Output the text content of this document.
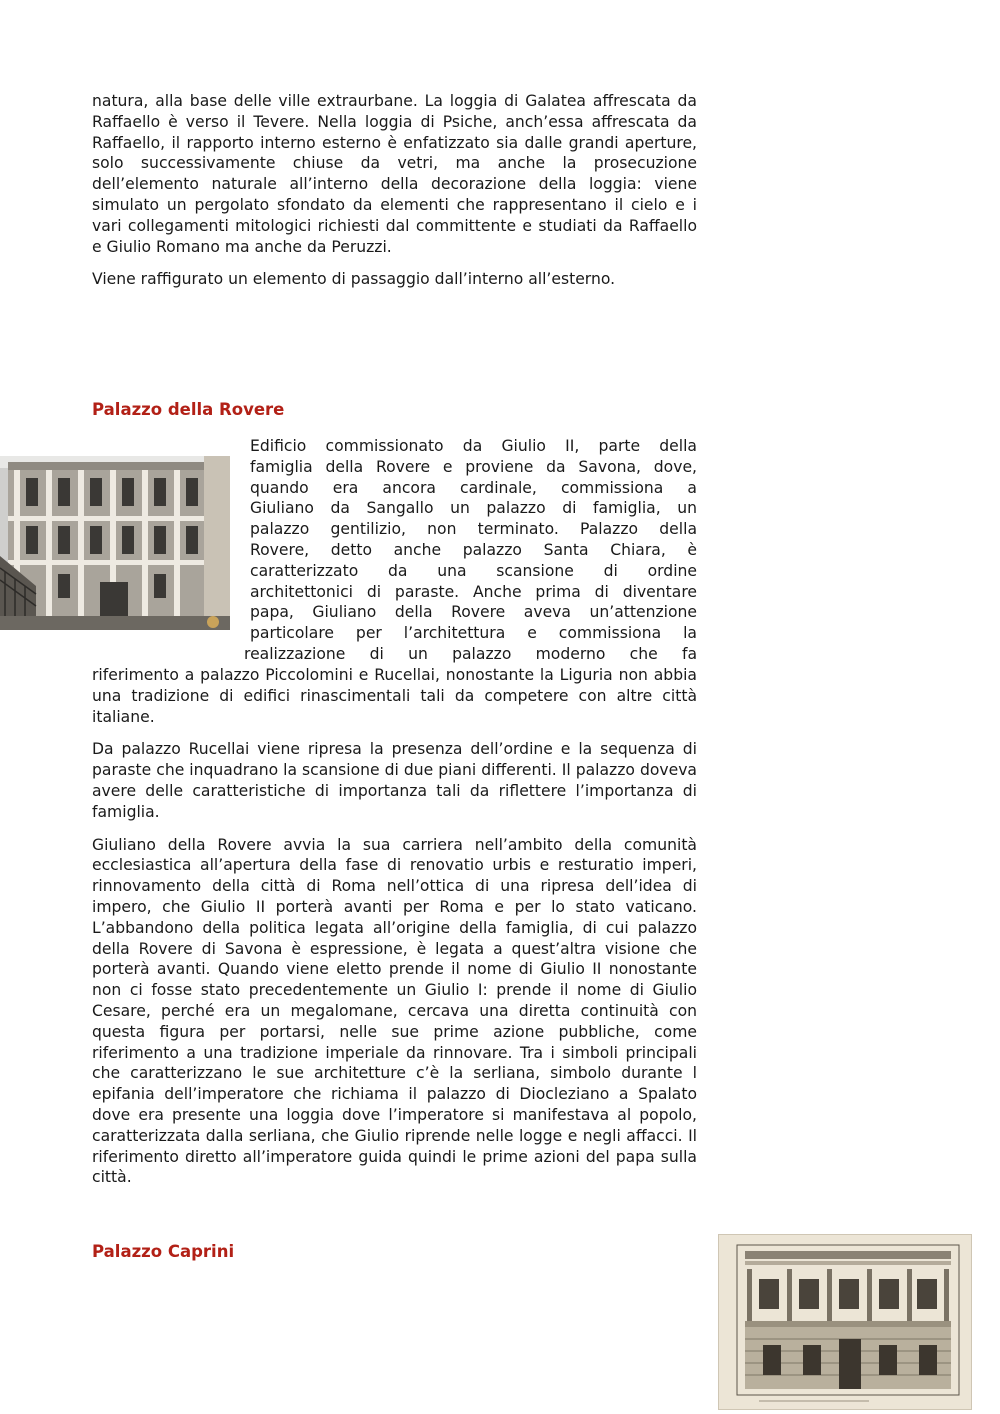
natura, alla base delle ville extraurbane. La loggia di Galatea affrescata da Raffaello è verso il Tevere. Nella loggia di Psiche, anch’essa affrescata da Raffaello, il rapporto interno esterno è enfatizzato sia dalle grandi aperture, solo successivamente chiuse da vetri, ma anche la prosecuzione dell’elemento naturale all’interno della decorazione della loggia: viene simulato un pergolato sfondato da elementi che rappresentano il cielo e i vari collegamenti mitologici richiesti dal committente e studiati da Raffaello e Giulio Romano ma anche da Peruzzi.

Viene raffigurato un elemento di passaggio dall’interno all’esterno.

Palazzo della Rovere
Edificio commissionato da Giulio II, parte della
famiglia della Rovere e proviene da Savona, dove,
quando era ancora cardinale, commissiona a
Giuliano da Sangallo un palazzo di famiglia, un
palazzo gentilizio, non terminato. Palazzo della
Rovere, detto anche palazzo Santa Chiara, è
caratterizzato da una scansione di ordine
architettonici di paraste. Anche prima di diventare
papa, Giuliano della Rovere aveva un’attenzione
particolare per l’architettura e commissiona la
realizzazione di un palazzo moderno che fa

riferimento a palazzo Piccolomini e Rucellai, nonostante la Liguria non abbia una tradizione di edifici rinascimentali tali da competere con altre città italiane.

Da palazzo Rucellai viene ripresa la presenza dell’ordine e la sequenza di paraste che inquadrano la scansione di due piani differenti. Il palazzo doveva avere delle caratteristiche di importanza tali da riflettere l’importanza di famiglia.

Giuliano della Rovere avvia la sua carriera nell’ambito della comunità ecclesiastica all’apertura della fase di renovatio urbis e resturatio imperi, rinnovamento della città di Roma nell’ottica di una ripresa dell’idea di impero, che Giulio II porterà avanti per Roma e per lo stato vaticano. L’abbandono della politica legata all’origine della famiglia, di cui palazzo della Rovere di Savona è espressione, è legata a quest’altra visione che porterà avanti. Quando viene eletto prende il nome di Giulio II nonostante non ci fosse stato precedentemente un Giulio I: prende il nome di Giulio Cesare, perché era un megalomane, cercava una diretta continuità con questa figura per portarsi, nelle sue prime azione pubbliche, come riferimento a una tradizione imperiale da rinnovare. Tra i simboli principali che caratterizzano le sue architetture c’è la serliana, simbolo durante l epifania dell’imperatore che richiama il palazzo di Diocleziano a Spalato dove era presente una loggia dove l’imperatore si manifestava al popolo, caratterizzata dalla serliana, che Giulio riprende nelle logge e negli affacci. Il riferimento diretto all’imperatore guida quindi le prime azioni del papa sulla città.

Palazzo Caprini
